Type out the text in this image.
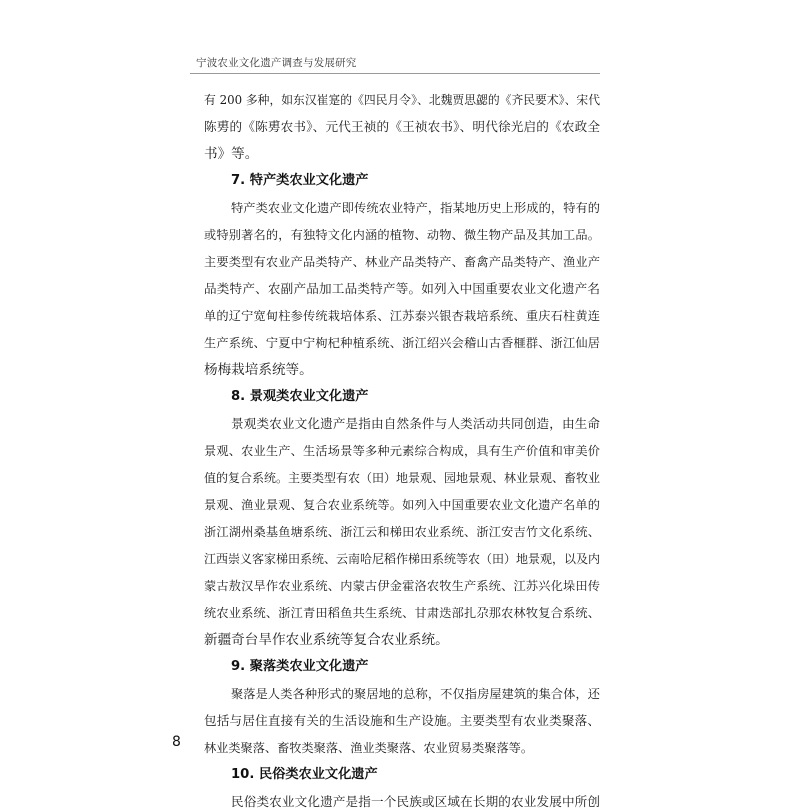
宁波农业文化遗产调查与发展研究
有 200 多种，如东汉崔寔的《四民月令》、北魏贾思勰的《齐民要术》、宋代
陈旉的《陈旉农书》、元代王祯的《王祯农书》、明代徐光启的《农政全
书》等。
7. 特产类农业文化遗产
特产类农业文化遗产即传统农业特产，指某地历史上形成的，特有的
或特别著名的，有独特文化内涵的植物、动物、微生物产品及其加工品。
主要类型有农业产品类特产、林业产品类特产、畜禽产品类特产、渔业产
品类特产、农副产品加工品类特产等。如列入中国重要农业文化遗产名
单的辽宁宽甸柱参传统栽培体系、江苏泰兴银杏栽培系统、重庆石柱黄连
生产系统、宁夏中宁枸杞种植系统、浙江绍兴会稽山古香榧群、浙江仙居
杨梅栽培系统等。
8. 景观类农业文化遗产
景观类农业文化遗产是指由自然条件与人类活动共同创造，由生命
景观、农业生产、生活场景等多种元素综合构成，具有生产价值和审美价
值的复合系统。主要类型有农（田）地景观、园地景观、林业景观、畜牧业
景观、渔业景观、复合农业系统等。如列入中国重要农业文化遗产名单的
浙江湖州桑基鱼塘系统、浙江云和梯田农业系统、浙江安吉竹文化系统、
江西崇义客家梯田系统、云南哈尼稻作梯田系统等农（田）地景观，以及内
蒙古敖汉旱作农业系统、内蒙古伊金霍洛农牧生产系统、江苏兴化垛田传
统农业系统、浙江青田稻鱼共生系统、甘肃迭部扎尕那农林牧复合系统、
新疆奇台旱作农业系统等复合农业系统。
9. 聚落类农业文化遗产
聚落是人类各种形式的聚居地的总称，不仅指房屋建筑的集合体，还
包括与居住直接有关的生活设施和生产设施。主要类型有农业类聚落、
林业类聚落、畜牧类聚落、渔业类聚落、农业贸易类聚落等。
10. 民俗类农业文化遗产
民俗类农业文化遗产是指一个民族或区域在长期的农业发展中所创
8
